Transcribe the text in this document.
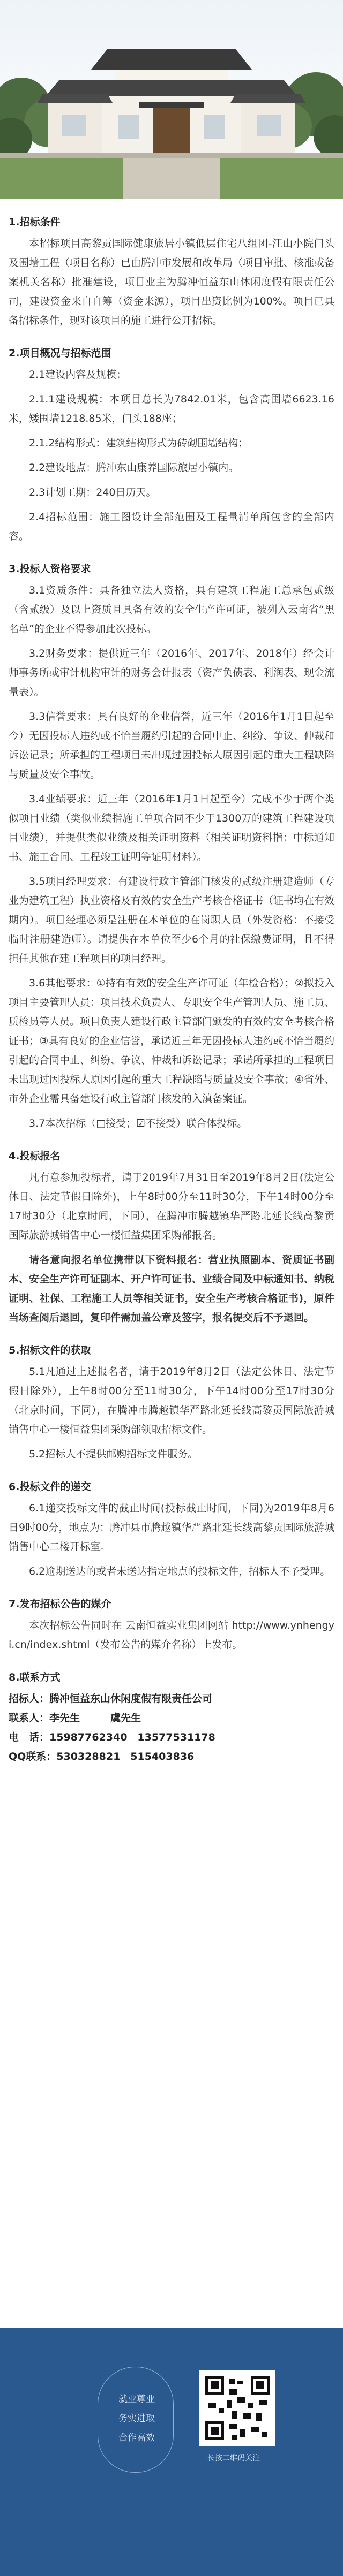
1.招标条件

本招标项目高黎贡国际健康旅居小镇低层住宅八组团-江山小院门头及围墙工程（项目名称）已由腾冲市发展和改革局（项目审批、核准或备案机关名称）批准建设，项目业主为腾冲恒益东山休闲度假有限责任公司，建设资金来自自筹（资金来源），项目出资比例为100%。项目已具备招标条件，现对该项目的施工进行公开招标。

2.项目概况与招标范围

2.1建设内容及规模：

2.1.1建设规模：本项目总长为7842.01米，包含高围墙6623.16米，矮围墙1218.85米，门头188座；

2.1.2结构形式：建筑结构形式为砖砌围墙结构；

2.2建设地点：腾冲东山康养国际旅居小镇内。

2.3计划工期：240日历天。

2.4招标范围：施工图设计全部范围及工程量清单所包含的全部内容。

3.投标人资格要求

3.1资质条件：具备独立法人资格，具有建筑工程施工总承包贰级（含贰级）及以上资质且具备有效的安全生产许可证，被列入云南省“黑名单”的企业不得参加此次投标。

3.2财务要求：提供近三年（2016年、2017年、2018年）经会计师事务所或审计机构审计的财务会计报表（资产负债表、利润表、现金流量表）。

3.3信誉要求：具有良好的企业信誉，近三年（2016年1月1日起至今）无因投标人违约或不恰当履约引起的合同中止、纠纷、争议、仲裁和诉讼记录；所承担的工程项目未出现过因投标人原因引起的重大工程缺陷与质量及安全事故。

3.4业绩要求：近三年（2016年1月1日起至今）完成不少于两个类似项目业绩（类似业绩指施工单项合同不少于1300万的建筑工程建设项目业绩），并提供类似业绩及相关证明资料（相关证明资料指：中标通知书、施工合同、工程竣工证明等证明材料）。

3.5项目经理要求：有建设行政主管部门核发的贰级注册建造师（专业为建筑工程）执业资格及有效的安全生产考核合格证书（证书均在有效期内）。项目经理必须是注册在本单位的在岗职人员（外发资格：不接受临时注册建造师）。请提供在本单位至少6个月的社保缴费证明，且不得担任其他在建工程项目的项目经理。

3.6其他要求：①持有有效的安全生产许可证（年检合格）；②拟投入项目主要管理人员：项目技术负责人、专职安全生产管理人员、施工员、质检员等人员。项目负责人建设行政主管部门颁发的有效的安全考核合格证书；③具有良好的企业信誉，承诺近三年无因投标人违约或不恰当履约引起的合同中止、纠纷、争议、仲裁和诉讼记录；承诺所承担的工程项目未出现过因投标人原因引起的重大工程缺陷与质量及安全事故；④省外、市外企业需具备建设行政主管部门核发的入滇备案证。

3.7本次招标（□接受；☑不接受）联合体投标。

4.投标报名

凡有意参加投标者，请于2019年7月31日至2019年8月2日(法定公休日、法定节假日除外)，上午8时00分至11时30分，下午14时00分至17时30分（北京时间，下同），在腾冲市腾越镇华严路北延长线高黎贡国际旅游城销售中心一楼恒益集团采购部报名。

请各意向报名单位携带以下资料报名：营业执照副本、资质证书副本、安全生产许可证副本、开户许可证书、业绩合同及中标通知书、纳税证明、社保、工程施工人员等相关证书，安全生产考核合格证书)，原件当场查阅后退回，复印件需加盖公章及签字，报名提交后不予退回。

5.招标文件的获取

5.1凡通过上述报名者，请于2019年8月2日（法定公休日、法定节假日除外），上午8时00分至11时30分，下午14时00分至17时30分（北京时间，下同），在腾冲市腾越镇华严路北延长线高黎贡国际旅游城销售中心一楼恒益集团采购部领取招标文件。

5.2招标人不提供邮购招标文件服务。

6.投标文件的递交

6.1递交投标文件的截止时间(投标截止时间，下同)为2019年8月6日9时00分，地点为：腾冲县市腾越镇华严路北延长线高黎贡国际旅游城销售中心二楼开标室。

6.2逾期送达的或者未送达指定地点的投标文件，招标人不予受理。

7.发布招标公告的媒介

本次招标公告同时在 云南恒益实业集团网站 http://www.ynhengyi.cn/index.shtml（发布公告的媒介名称）上发布。

8.联系方式

招标人：腾冲恒益东山休闲度假有限责任公司

联系人：李先生　　　虞先生

电　话：15987762340　13577531178

QQ联系：530328821　515403836

就业尊业
务实进取
合作高效
长按二维码关注
